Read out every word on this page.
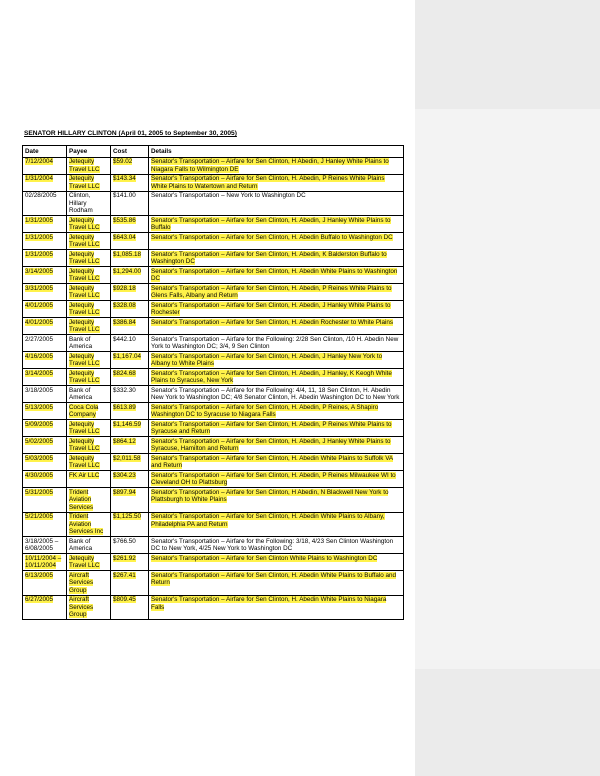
SENATOR HILLARY CLINTON (April 01, 2005 to September 30, 2005)
Date	Payee	Cost	Details
7/12/2004	Jetequity Travel LLC	$59.02	Senator's Transportation – Airfare for Sen Clinton, H Abedin, J Hanley White Plains to Niagara Falls to Wilmington DE
1/31/2004	Jetequity Travel LLC	$143.34	Senator's Transportation – Airfare for Sen Clinton, H. Abedin, P Reines White Plains White Plains to Watertown and Return
02/28/2005	Clinton, Hillary Rodham	$141.00	Senator's Transportation – New York to Washington DC
1/31/2005	Jetequity Travel LLC	$535.86	Senator's Transportation – Airfare for Sen Clinton, H. Abedin, J Hanley White Plains to Buffalo
1/31/2005	Jetequity Travel LLC	$643.04	Senator's Transportation – Airfare for Sen Clinton, H. Abedin Buffalo to Washington DC
1/31/2005	Jetequity Travel LLC	$1,085.18	Senator's Transportation – Airfare for Sen Clinton, H. Abedin, K Balderston Buffalo to Washington DC
3/14/2005	Jetequity Travel LLC	$1,294.00	Senator's Transportation – Airfare for Sen Clinton, H. Abedin White Plains to Washington DC
3/31/2005	Jetequity Travel LLC	$928.18	Senator's Transportation – Airfare for Sen Clinton, H. Abedin, P Reines White Plains to Glens Falls, Albany and Return
4/01/2005	Jetequity Travel LLC	$328.08	Senator's Transportation – Airfare for Sen Clinton, H. Abedin, J Hanley White Plains to Rochester
4/01/2005	Jetequity Travel LLC	$386.84	Senator's Transportation – Airfare for Sen Clinton, H. Abedin Rochester to White Plains
2/27/2005	Bank of America	$442.10	Senator's Transportation – Airfare for the Following: 2/28 Sen Clinton, /10 H. Abedin New York to Washington DC; 3/4, 9 Sen Clinton
4/16/2005	Jetequity Travel LLC	$1,167.04	Senator's Transportation – Airfare for Sen Clinton, H. Abedin, J Hanley New York to Albany to White Plains
3/14/2005	Jetequity Travel LLC	$824.68	Senator's Transportation – Airfare for Sen Clinton, H. Abedin, J Hanley, K Keogh White Plains to Syracuse, New York
3/18/2005	Bank of America	$332.30	Senator's Transportation – Airfare for the Following: 4/4, 11, 18 Sen Clinton, H. Abedin New York to Washington DC; 4/8 Senator Clinton, H. Abedin Washington DC to New York
5/13/2005	Coca Cola Company	$613.89	Senator's Transportation – Airfare for Sen Clinton, H. Abedin, P Reines, A Shapiro Washington DC to Syracuse to Niagara Falls
5/09/2005	Jetequity Travel LLC	$1,146.59	Senator's Transportation – Airfare for Sen Clinton, H. Abedin, P Reines White Plains to Syracuse and Return
5/02/2005	Jetequity Travel LLC	$864.12	Senator's Transportation – Airfare for Sen Clinton, H. Abedin, J Hanley White Plains to Syracuse, Hamilton and Return
5/03/2005	Jetequity Travel LLC	$2,011.58	Senator's Transportation – Airfare for Sen Clinton, H. Abedin White Plains to Suffolk VA and Return
4/30/2005	FK Air LLC	$304.23	Senator's Transportation – Airfare for Sen Clinton, H. Abedin, P Reines Milwaukee WI to Cleveland OH to Plattsburg
5/31/2005	Trident Aviation Services	$897.94	Senator's Transportation – Airfare for Sen Clinton, H Abedin, N Blackwell New York to Plattsburgh to White Plains
5/21/2005	Trident Aviation Services Inc	$1,125.50	Senator's Transportation – Airfare for Sen Clinton, H. Abedin White Plains to Albany, Philadelphia PA and Return
3/18/2005 – 6/08/2005	Bank of America	$766.50	Senator's Transportation – Airfare for the Following: 3/18, 4/23 Sen Clinton Washington DC to New York, 4/25 New York to Washington DC
10/11/2004 – 10/11/2004	Jetequity Travel LLC	$261.92	Senator's Transportation – Airfare for Sen Clinton White Plains to Washington DC
6/13/2005	Aircraft Services Group	$267.41	Senator's Transportation – Airfare for Sen Clinton, H. Abedin White Plains to Buffalo and Return
6/27/2005	Aircraft Services Group	$809.45	Senator's Transportation – Airfare for Sen Clinton, H. Abedin White Plains to Niagara Falls
